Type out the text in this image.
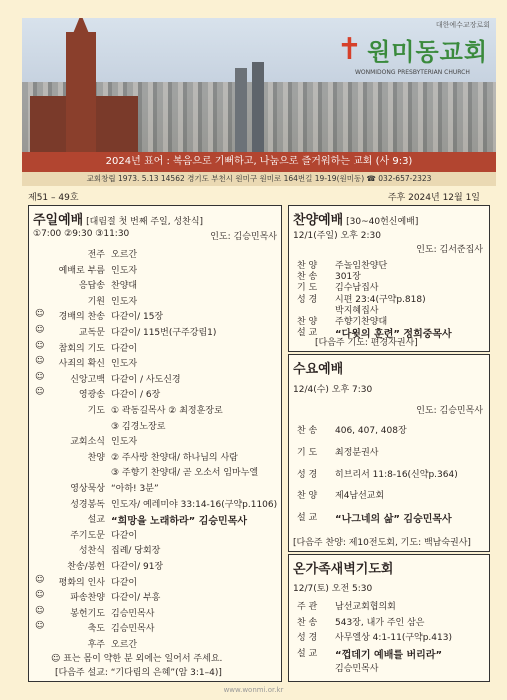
대한예수교장로회
✝ 원미동교회
WONMIDONG PRESBYTERIAN CHURCH
2024년 표어 : 복음으로 기뻐하고, 나눔으로 즐거워하는 교회 (사 9:3)
교회창립 1973. 5.13 14562 경기도 부천시 원미구 원미로 164번길 19-19(원미동) ☎ 032-657-2323
제51 – 49호	주후 2024년 12월 1일
주일예배 [대림절 첫 번째 주일, 성찬식]
①7:00 ②9:30 ③11:30	인도: 김승민목사
전주 오르간
예배로 부름 인도자
응답송 찬양대
기원 인도자
☺ 경배의 찬송 다같이/ 15장
☺	교독문 다같이/ 115번(구주강림1)
☺ 참회의 기도 다같이
☺ 사죄의 확신 인도자
☺	신앙고백 다같이 / 사도신경
☺	영광송 다같이 / 6장
기도 ① 곽동길목사 ② 최정훈장로
③ 김경노장로
교회소식 인도자
찬양 ② 주사랑 찬양대/ 하나님의 사람
③ 주향기 찬양대/ 곧 오소서 임마누엘
영상묵상 “아하! 3분”
성경봉독 인도자/ 예레미야 33:14-16(구약p.1106)
설교 “희망을 노래하라” 김승민목사
주기도문 다같이
성찬식 집례/ 당회장
찬송/봉헌 다같이/ 91장
☺ 평화의 인사 다같이
☺	파송찬양 다같이/ 부흥
☺	봉헌기도 김승민목사
☺	축도 김승민목사
후주 오르간
☺ 표는 몸이 약한 분 외에는 일어서 주세요.
[다음주 설교: “기다림의 은혜”(암 3:1–4)]
찬양예배 [30~40헌신예배]
12/1(주일) 오후 2:30
인도: 김서준집사
찬 양 주놀임찬양단
찬 송 301장
기 도 김수남집사
성 경 시편 23:4(구약p.818)
박지혜집사
찬 양 주향기찬양대
설 교 “다윗의 훈련” 정희중목사
[다음주 기도: 편경자권사]
수요예배
12/4(수) 오후 7:30
인도: 김승민목사
찬 송 406, 407, 408장
기 도 최정분권사
성 경 히브리서 11:8-16(신약p.364)
찬 양 제4남선교회
설 교 “나그네의 삶” 김승민목사
[다음주 찬양: 제10전도회, 기도: 백남숙권사]
온가족새벽기도회
12/7(토) 오전 5:30
주 관 남선교회협의회
찬 송 543장, 내가 주인 삼은
성 경 사무엘상 4:1-11(구약p.413)
설 교 “껍데기 예배를 버리라”
김승민목사
www.wonmi.or.kr
